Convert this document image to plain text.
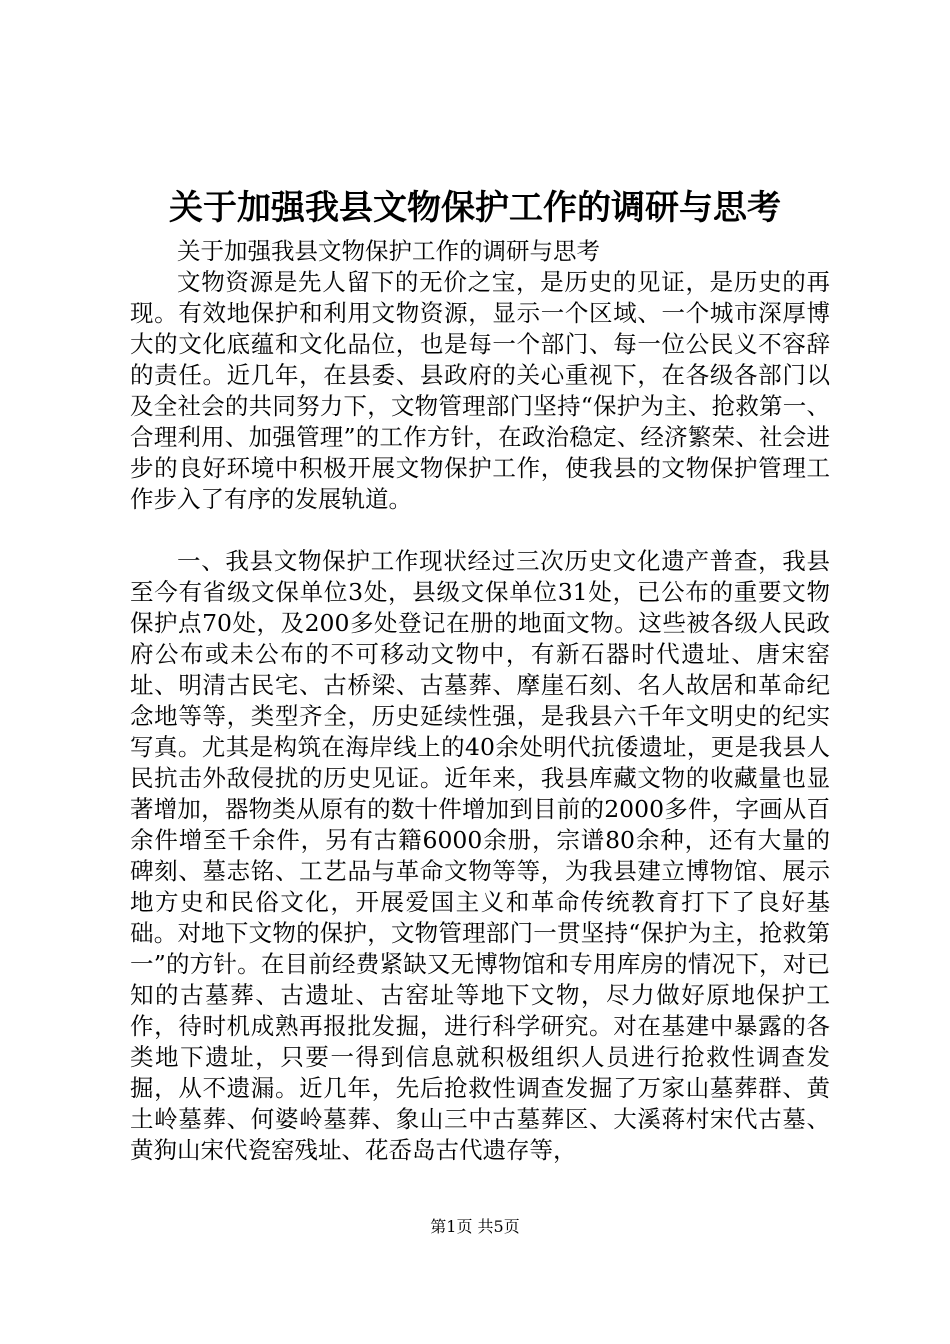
关于加强我县文物保护工作的调研与思考

关于加强我县文物保护工作的调研与思考

文物资源是先人留下的无价之宝，是历史的见证，是历史的再现。有效地保护和利用文物资源，显示一个区域、一个城市深厚博大的文化底蕴和文化品位，也是每一个部门、每一位公民义不容辞的责任。近几年，在县委、县政府的关心重视下，在各级各部门以及全社会的共同努力下，文物管理部门坚持“保护为主、抢救第一、合理利用、加强管理”的工作方针，在政治稳定、经济繁荣、社会进步的良好环境中积极开展文物保护工作，使我县的文物保护管理工作步入了有序的发展轨道。

一、我县文物保护工作现状经过三次历史文化遗产普查，我县至今有省级文保单位3处，县级文保单位31处，已公布的重要文物保护点70处，及200多处登记在册的地面文物。这些被各级人民政府公布或未公布的不可移动文物中，有新石器时代遗址、唐宋窑址、明清古民宅、古桥梁、古墓葬、摩崖石刻、名人故居和革命纪念地等等，类型齐全，历史延续性强，是我县六千年文明史的纪实写真。尤其是构筑在海岸线上的40余处明代抗倭遗址，更是我县人民抗击外敌侵扰的历史见证。近年来，我县库藏文物的收藏量也显著增加，器物类从原有的数十件增加到目前的2000多件，字画从百余件增至千余件，另有古籍6000余册，宗谱80余种，还有大量的碑刻、墓志铭、工艺品与革命文物等等，为我县建立博物馆、展示地方史和民俗文化，开展爱国主义和革命传统教育打下了良好基础。对地下文物的保护，文物管理部门一贯坚持“保护为主，抢救第一”的方针。在目前经费紧缺又无博物馆和专用库房的情况下，对已知的古墓葬、古遗址、古窑址等地下文物，尽力做好原地保护工作，待时机成熟再报批发掘，进行科学研究。对在基建中暴露的各类地下遗址，只要一得到信息就积极组织人员进行抢救性调查发掘，从不遗漏。近几年，先后抢救性调查发掘了万家山墓葬群、黄土岭墓葬、何婆岭墓葬、象山三中古墓葬区、大溪蒋村宋代古墓、黄狗山宋代瓷窑残址、花岙岛古代遗存等，

第1页 共5页
